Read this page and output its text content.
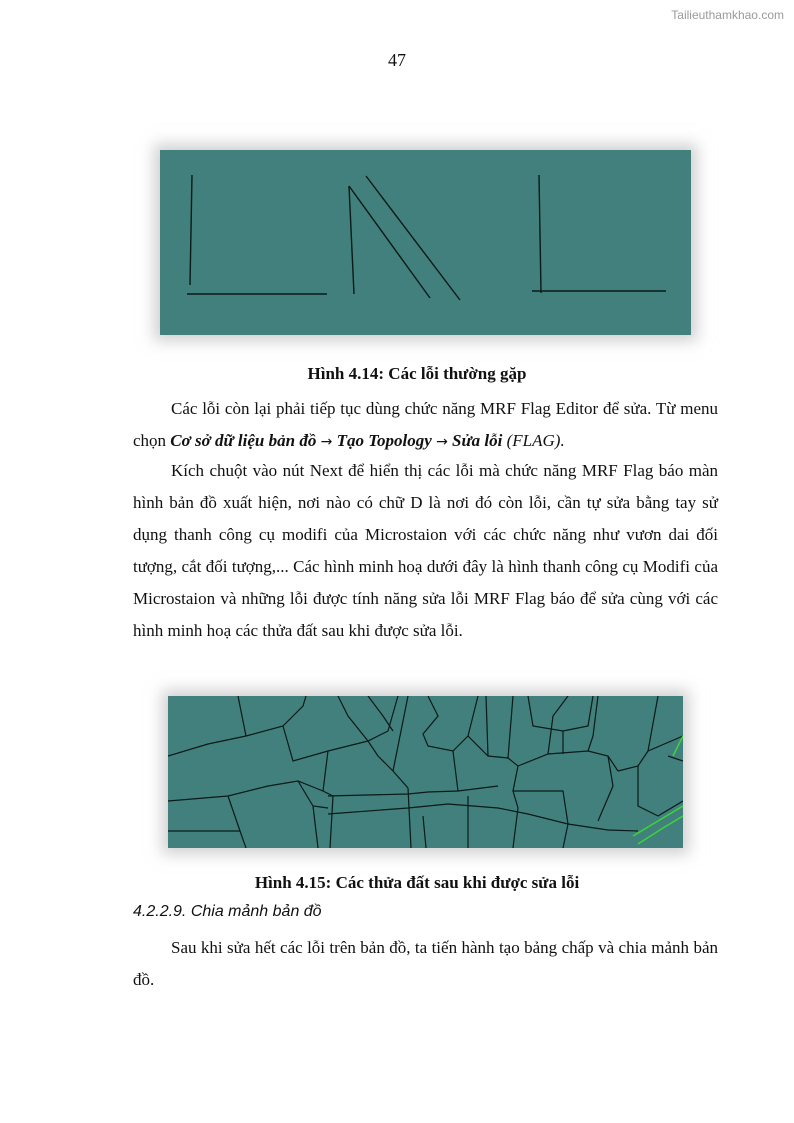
Tailieuthamkhao.com
47
Hình 4.14: Các lỗi thường gặp

Các lỗi còn lại phải tiếp tục dùng chức năng MRF Flag Editor để sửa. Từ menu chọn Cơ sở dữ liệu bản đồ → Tạo Topology → Sửa lỗi (FLAG).

Kích chuột vào nút Next để hiển thị các lỗi mà chức năng MRF Flag báo màn hình bản đồ xuất hiện, nơi nào có chữ D là nơi đó còn lỗi, cần tự sửa bằng tay sử dụng thanh công cụ modifi của Microstaion với các chức năng như vươn dai đối tượng, cắt đối tượng,... Các hình minh hoạ dưới đây là hình thanh công cụ Modifi của Microstaion và những lỗi được tính năng sửa lỗi MRF Flag báo để sửa cùng với các hình minh hoạ các thửa đất sau khi được sửa lỗi.

Hình 4.15: Các thửa đất sau khi được sửa lỗi
4.2.2.9. Chia mảnh bản đồ

Sau khi sửa hết các lỗi trên bản đồ, ta tiến hành tạo bảng chấp và chia mảnh bản đồ.
